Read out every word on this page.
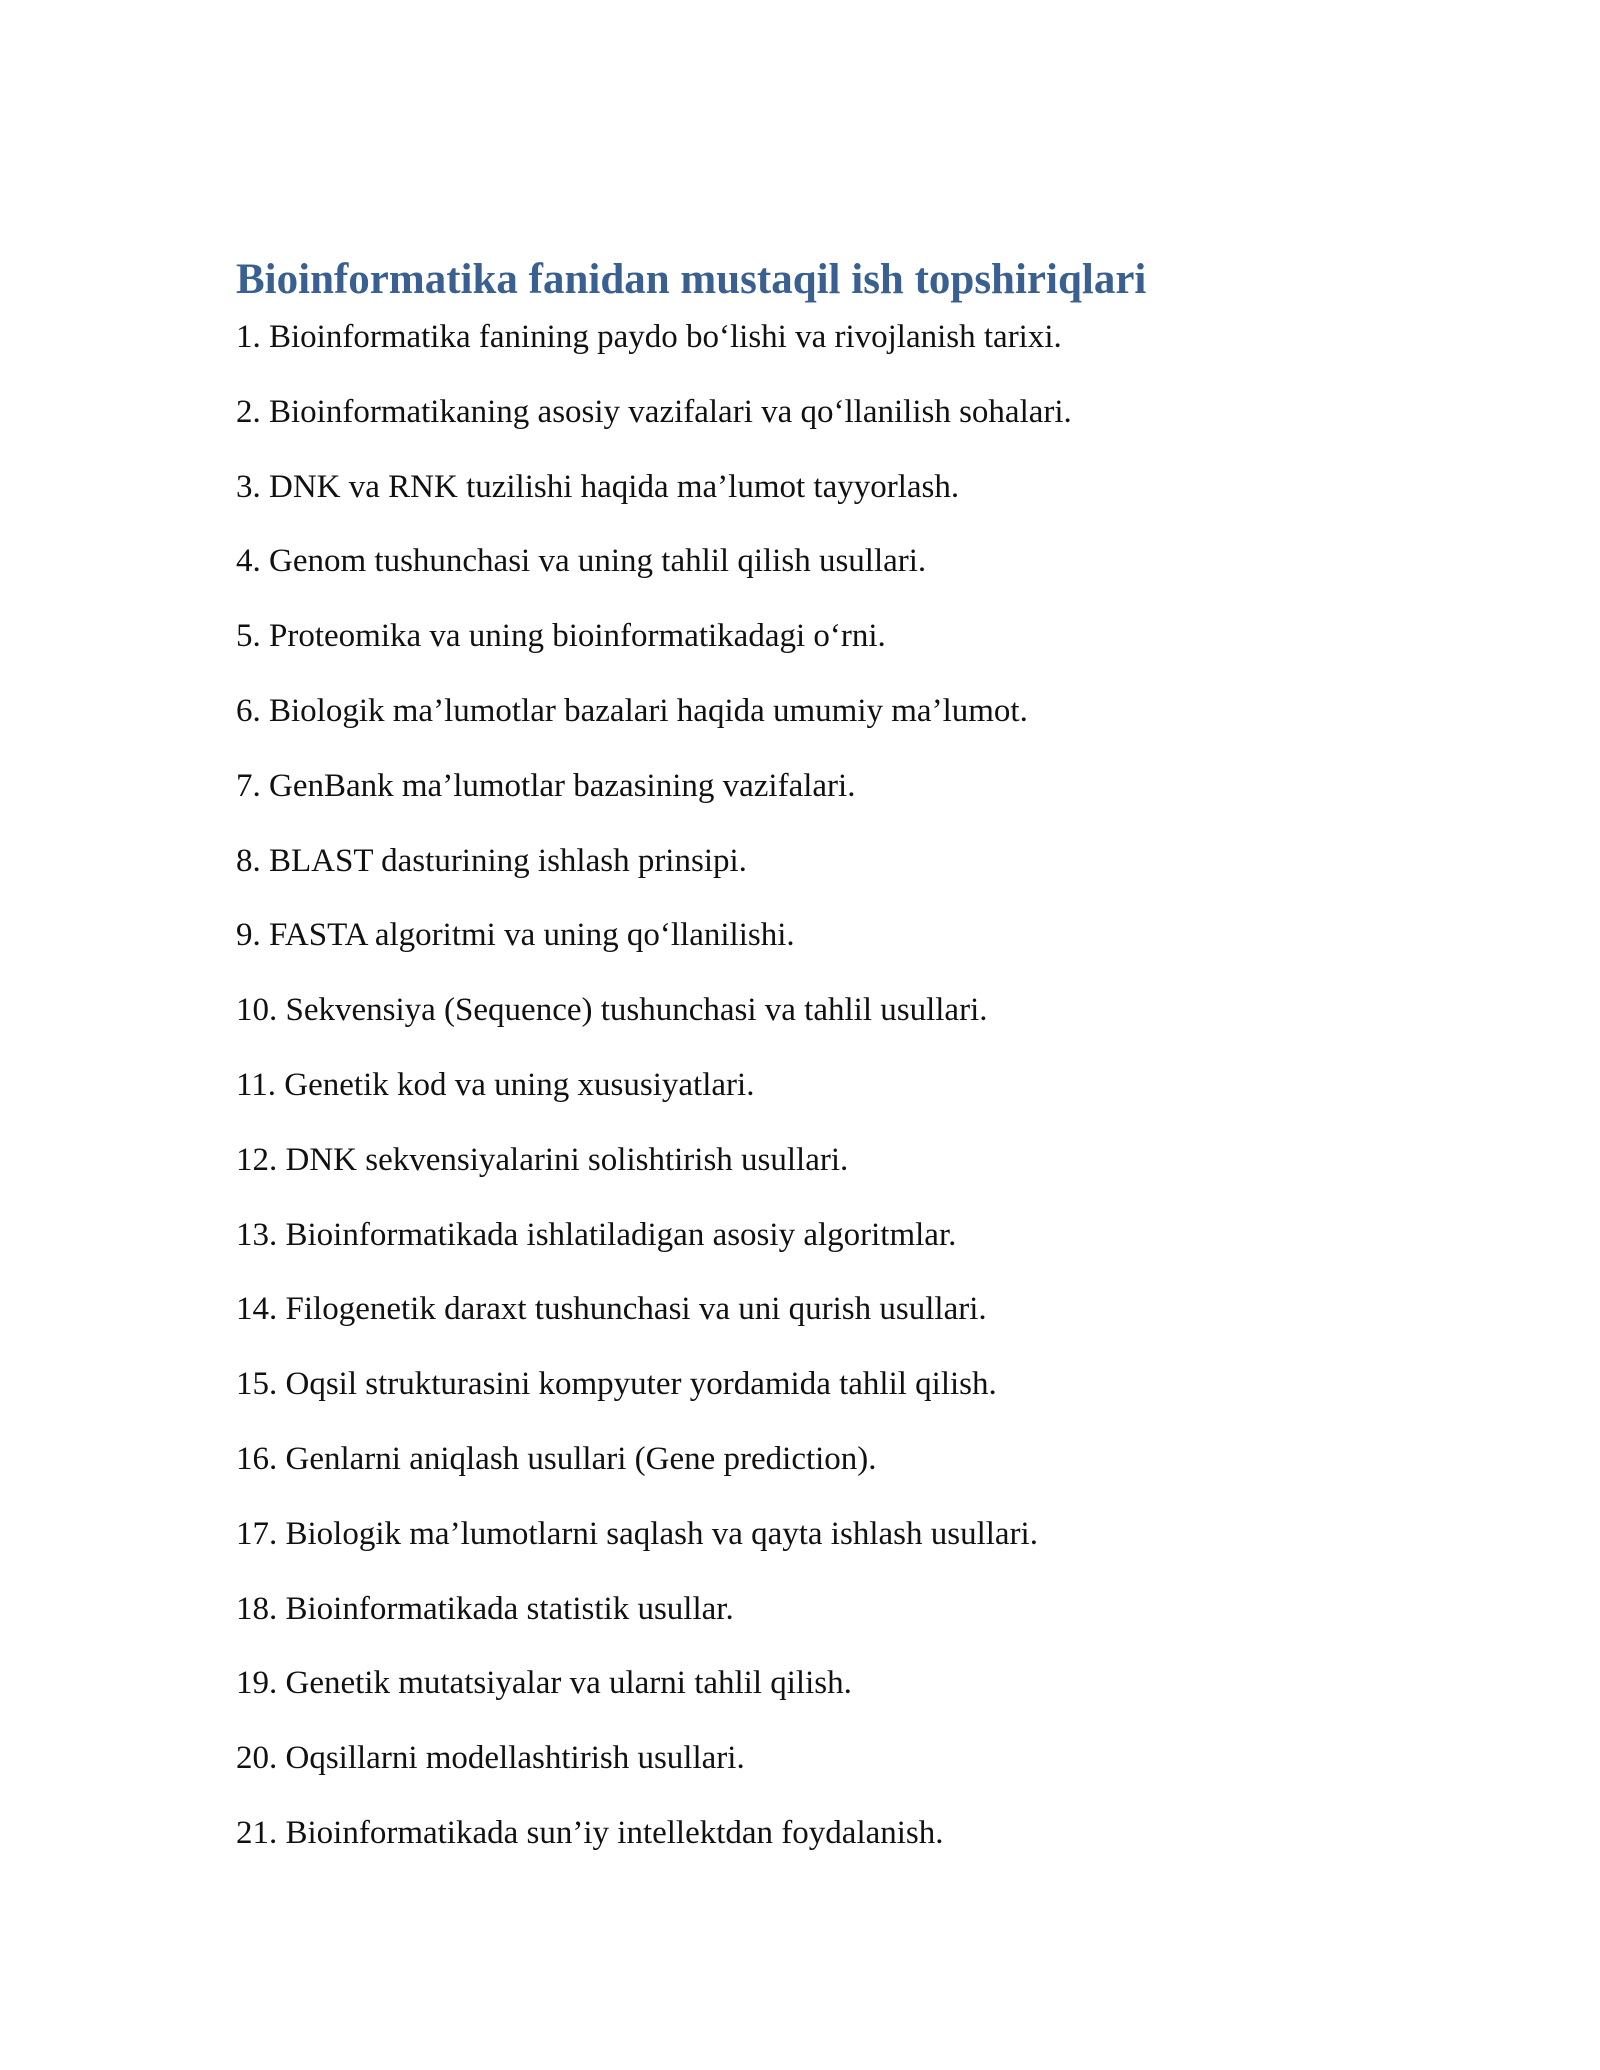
Bioinformatika fanidan mustaqil ish topshiriqlari
1. Bioinformatika fanining paydo bo‘lishi va rivojlanish tarixi.
2. Bioinformatikaning asosiy vazifalari va qo‘llanilish sohalari.
3. DNK va RNK tuzilishi haqida ma’lumot tayyorlash.
4. Genom tushunchasi va uning tahlil qilish usullari.
5. Proteomika va uning bioinformatikadagi o‘rni.
6. Biologik ma’lumotlar bazalari haqida umumiy ma’lumot.
7. GenBank ma’lumotlar bazasining vazifalari.
8. BLAST dasturining ishlash prinsipi.
9. FASTA algoritmi va uning qo‘llanilishi.
10. Sekvensiya (Sequence) tushunchasi va tahlil usullari.
11. Genetik kod va uning xususiyatlari.
12. DNK sekvensiyalarini solishtirish usullari.
13. Bioinformatikada ishlatiladigan asosiy algoritmlar.
14. Filogenetik daraxt tushunchasi va uni qurish usullari.
15. Oqsil strukturasini kompyuter yordamida tahlil qilish.
16. Genlarni aniqlash usullari (Gene prediction).
17. Biologik ma’lumotlarni saqlash va qayta ishlash usullari.
18. Bioinformatikada statistik usullar.
19. Genetik mutatsiyalar va ularni tahlil qilish.
20. Oqsillarni modellashtirish usullari.
21. Bioinformatikada sun’iy intellektdan foydalanish.
